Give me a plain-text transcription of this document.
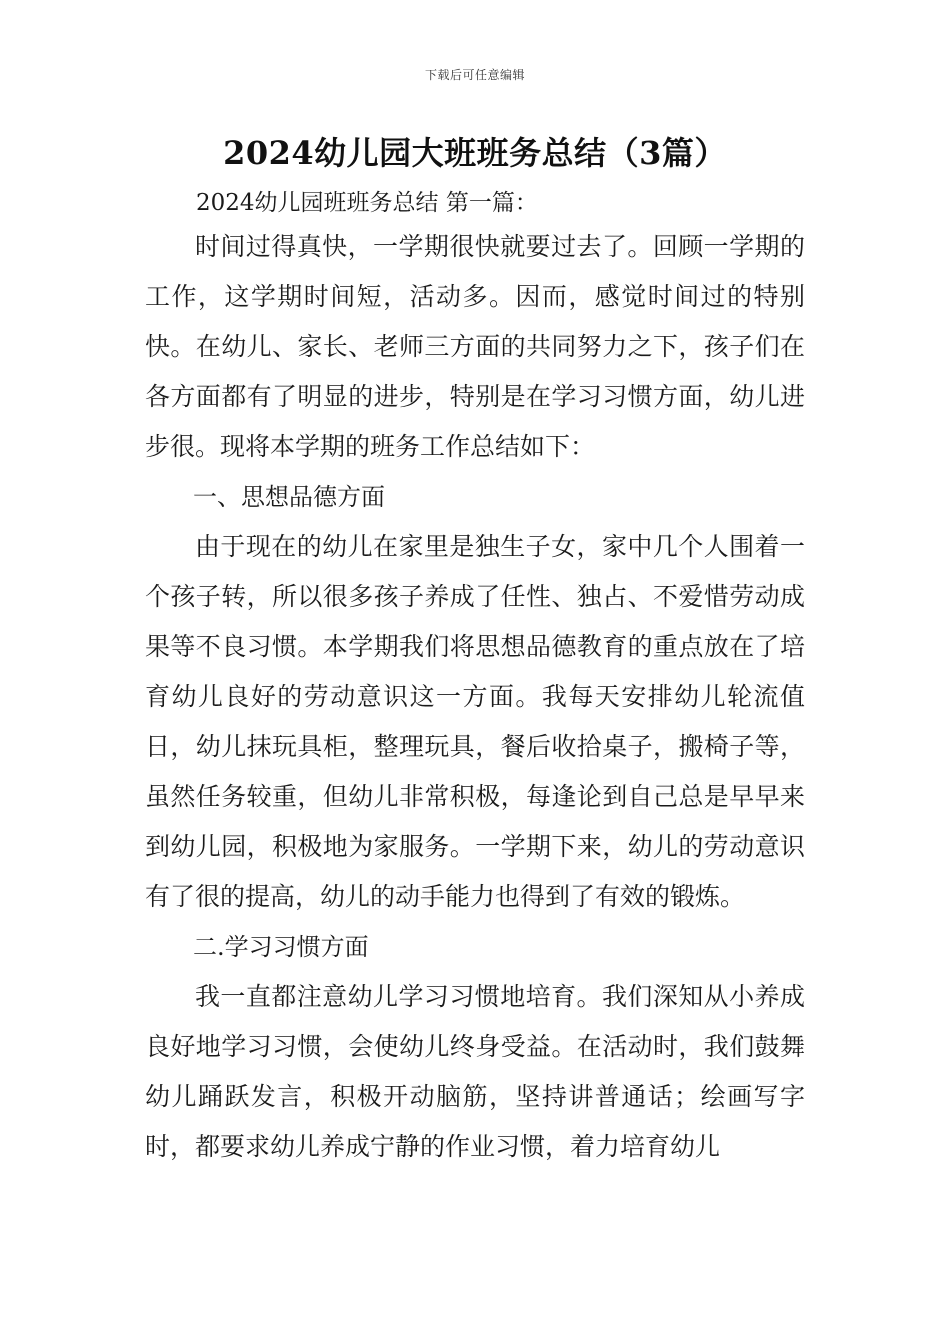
下载后可任意编辑
2024幼儿园大班班务总结（3篇）
2024幼儿园班班务总结 第一篇：

时间过得真快，一学期很快就要过去了。回顾一学期的工作，这学期时间短，活动多。因而，感觉时间过的特别快。在幼儿、家长、老师三方面的共同努力之下，孩子们在各方面都有了明显的进步，特别是在学习习惯方面，幼儿进步很。现将本学期的班务工作总结如下：

一、思想品德方面

由于现在的幼儿在家里是独生子女，家中几个人围着一个孩子转，所以很多孩子养成了任性、独占、不爱惜劳动成果等不良习惯。本学期我们将思想品德教育的重点放在了培育幼儿良好的劳动意识这一方面。我每天安排幼儿轮流值日，幼儿抹玩具柜，整理玩具，餐后收拾桌子，搬椅子等，虽然任务较重，但幼儿非常积极，每逢论到自己总是早早来到幼儿园，积极地为家服务。一学期下来，幼儿的劳动意识有了很的提高，幼儿的动手能力也得到了有效的锻炼。

二.学习习惯方面

我一直都注意幼儿学习习惯地培育。我们深知从小养成良好地学习习惯，会使幼儿终身受益。在活动时，我们鼓舞幼儿踊跃发言，积极开动脑筋，坚持讲普通话；绘画写字时，都要求幼儿养成宁静的作业习惯，着力培育幼儿
